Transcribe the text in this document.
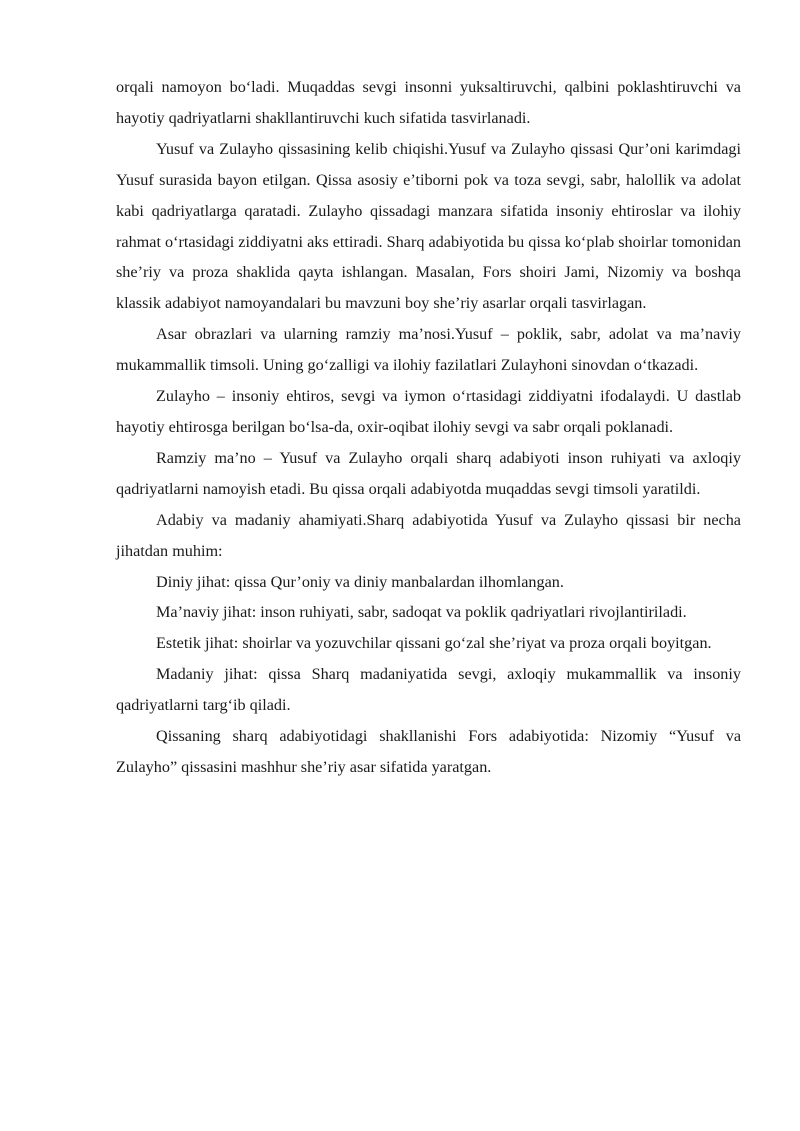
orqali namoyon bo‘ladi. Muqaddas sevgi insonni yuksaltiruvchi, qalbini poklashtiruvchi va hayotiy qadriyatlarni shakllantiruvchi kuch sifatida tasvirlanadi.

Yusuf va Zulayho qissasining kelib chiqishi.Yusuf va Zulayho qissasi Qur’oni karimdagi Yusuf surasida bayon etilgan. Qissa asosiy e’tiborni pok va toza sevgi, sabr, halollik va adolat kabi qadriyatlarga qaratadi. Zulayho qissadagi manzara sifatida insoniy ehtiroslar va ilohiy rahmat o‘rtasidagi ziddiyatni aks ettiradi. Sharq adabiyotida bu qissa ko‘plab shoirlar tomonidan she’riy va proza shaklida qayta ishlangan. Masalan, Fors shoiri Jami, Nizomiy va boshqa klassik adabiyot namoyandalari bu mavzuni boy she’riy asarlar orqali tasvirlagan.

Asar obrazlari va ularning ramziy ma’nosi.Yusuf – poklik, sabr, adolat va ma’naviy mukammallik timsoli. Uning go‘zalligi va ilohiy fazilatlari Zulayhoni sinovdan o‘tkazadi.

Zulayho – insoniy ehtiros, sevgi va iymon o‘rtasidagi ziddiyatni ifodalaydi. U dastlab hayotiy ehtirosga berilgan bo‘lsa-da, oxir-oqibat ilohiy sevgi va sabr orqali poklanadi.

Ramziy ma’no – Yusuf va Zulayho orqali sharq adabiyoti inson ruhiyati va axloqiy qadriyatlarni namoyish etadi. Bu qissa orqali adabiyotda muqaddas sevgi timsoli yaratildi.

Adabiy va madaniy ahamiyati.Sharq adabiyotida Yusuf va Zulayho qissasi bir necha jihatdan muhim:

Diniy jihat: qissa Qur’oniy va diniy manbalardan ilhomlangan.

Ma’naviy jihat: inson ruhiyati, sabr, sadoqat va poklik qadriyatlari rivojlantiriladi.

Estetik jihat: shoirlar va yozuvchilar qissani go‘zal she’riyat va proza orqali boyitgan.

Madaniy jihat: qissa Sharq madaniyatida sevgi, axloqiy mukammallik va insoniy qadriyatlarni targ‘ib qiladi.

Qissaning sharq adabiyotidagi shakllanishi Fors adabiyotida: Nizomiy “Yusuf va Zulayho” qissasini mashhur she’riy asar sifatida yaratgan.
